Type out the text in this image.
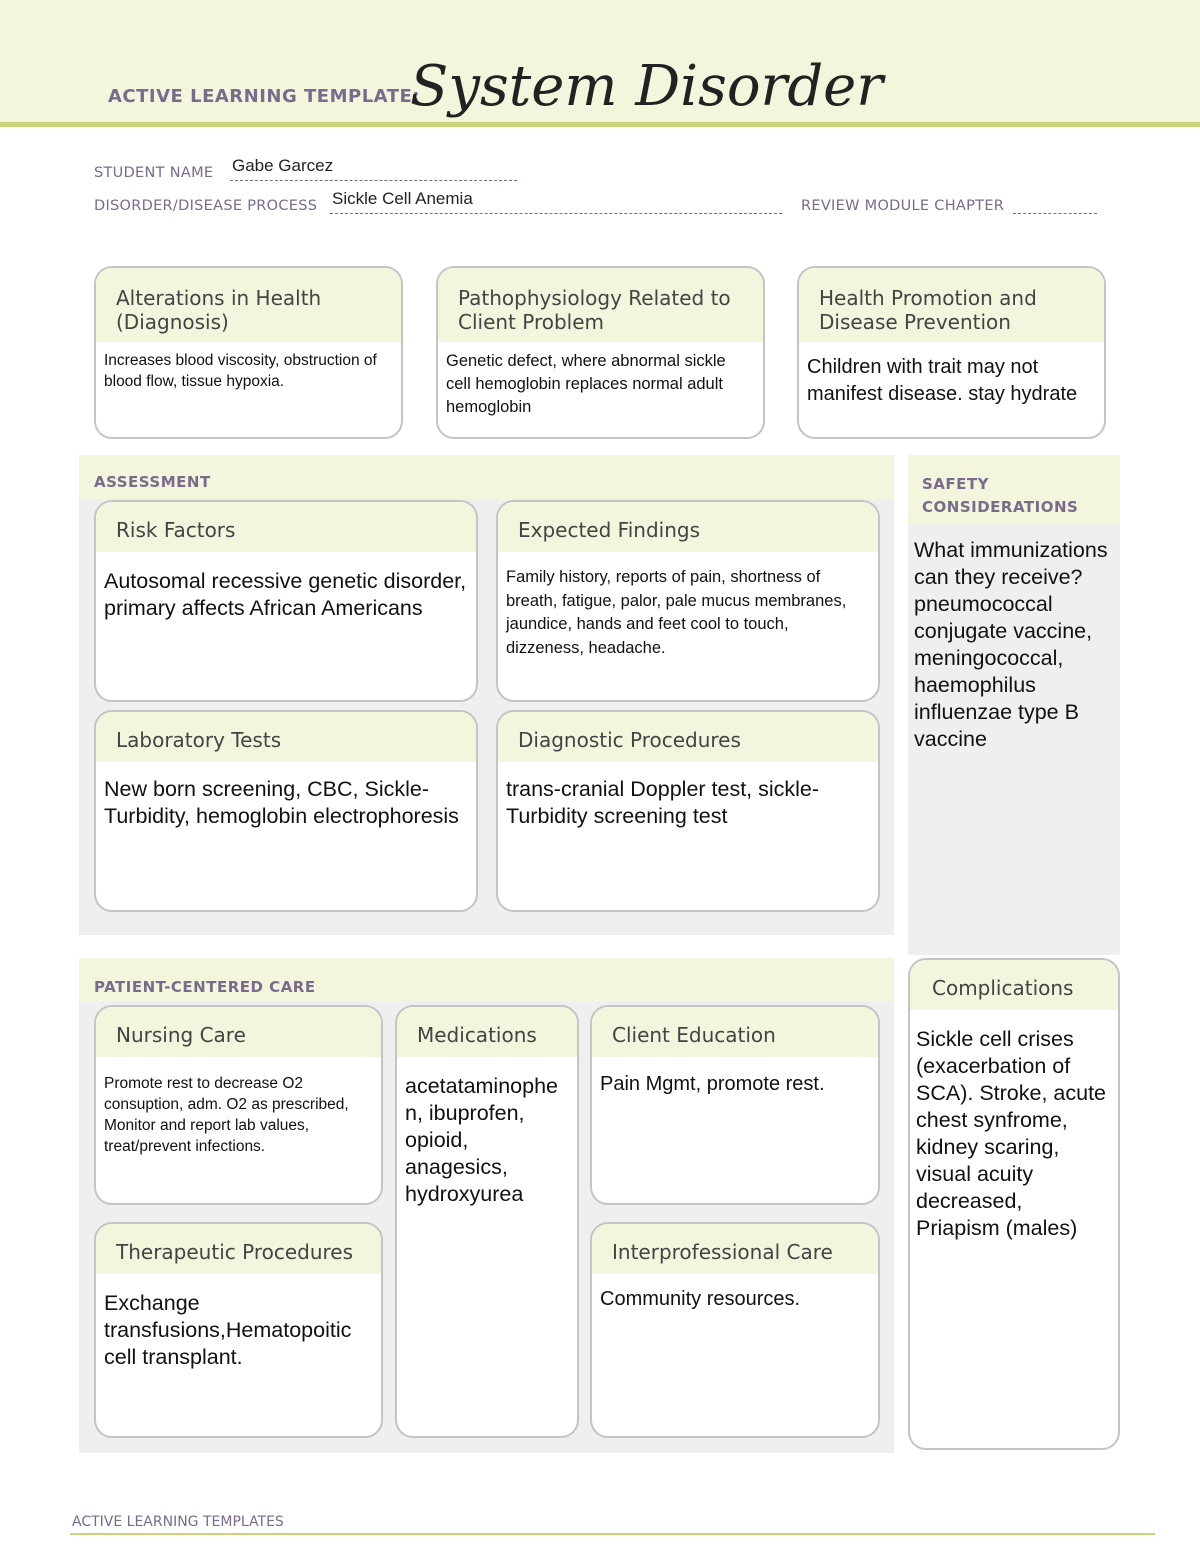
ACTIVE LEARNING TEMPLATE:
System Disorder
STUDENT NAME Gabe Garcez
DISORDER/DISEASE PROCESS Sickle Cell Anemia	REVIEW MODULE CHAPTER
Alterations in Health (Diagnosis)
Increases blood viscosity, obstruction of blood flow, tissue hypoxia.
Pathophysiology Related to Client Problem
Genetic defect, where abnormal sickle cell hemoglobin replaces normal adult hemoglobin
Health Promotion and Disease Prevention
Children with trait may not manifest disease. stay hydrate
ASSESSMENT
Risk Factors
Autosomal recessive genetic disorder, primary affects African Americans
Expected Findings
Family history, reports of pain, shortness of breath, fatigue, palor, pale mucus membranes, jaundice, hands and feet cool to touch, dizzeness, headache.
Laboratory Tests
New born screening, CBC, Sickle-Turbidity, hemoglobin electrophoresis
Diagnostic Procedures
trans-cranial Doppler test, sickle-Turbidity screening test
SAFETY CONSIDERATIONS
What immunizations can they receive? pneumococcal conjugate vaccine, meningococcal, haemophilus influenzae type B vaccine
PATIENT-CENTERED CARE
Nursing Care
Promote rest to decrease O2 consuption, adm. O2 as prescribed, Monitor and report lab values, treat/prevent infections.
Medications
acetataminophe n, ibuprofen, opioid, anagesics, hydroxyurea
Client Education
Pain Mgmt, promote rest.
Therapeutic Procedures
Exchange transfusions,Hematopoitic cell transplant.
Interprofessional Care
Community resources.
Complications
Sickle cell crises (exacerbation of SCA). Stroke, acute chest synfrome, kidney scaring, visual acuity decreased, Priapism (males)
ACTIVE LEARNING TEMPLATES
